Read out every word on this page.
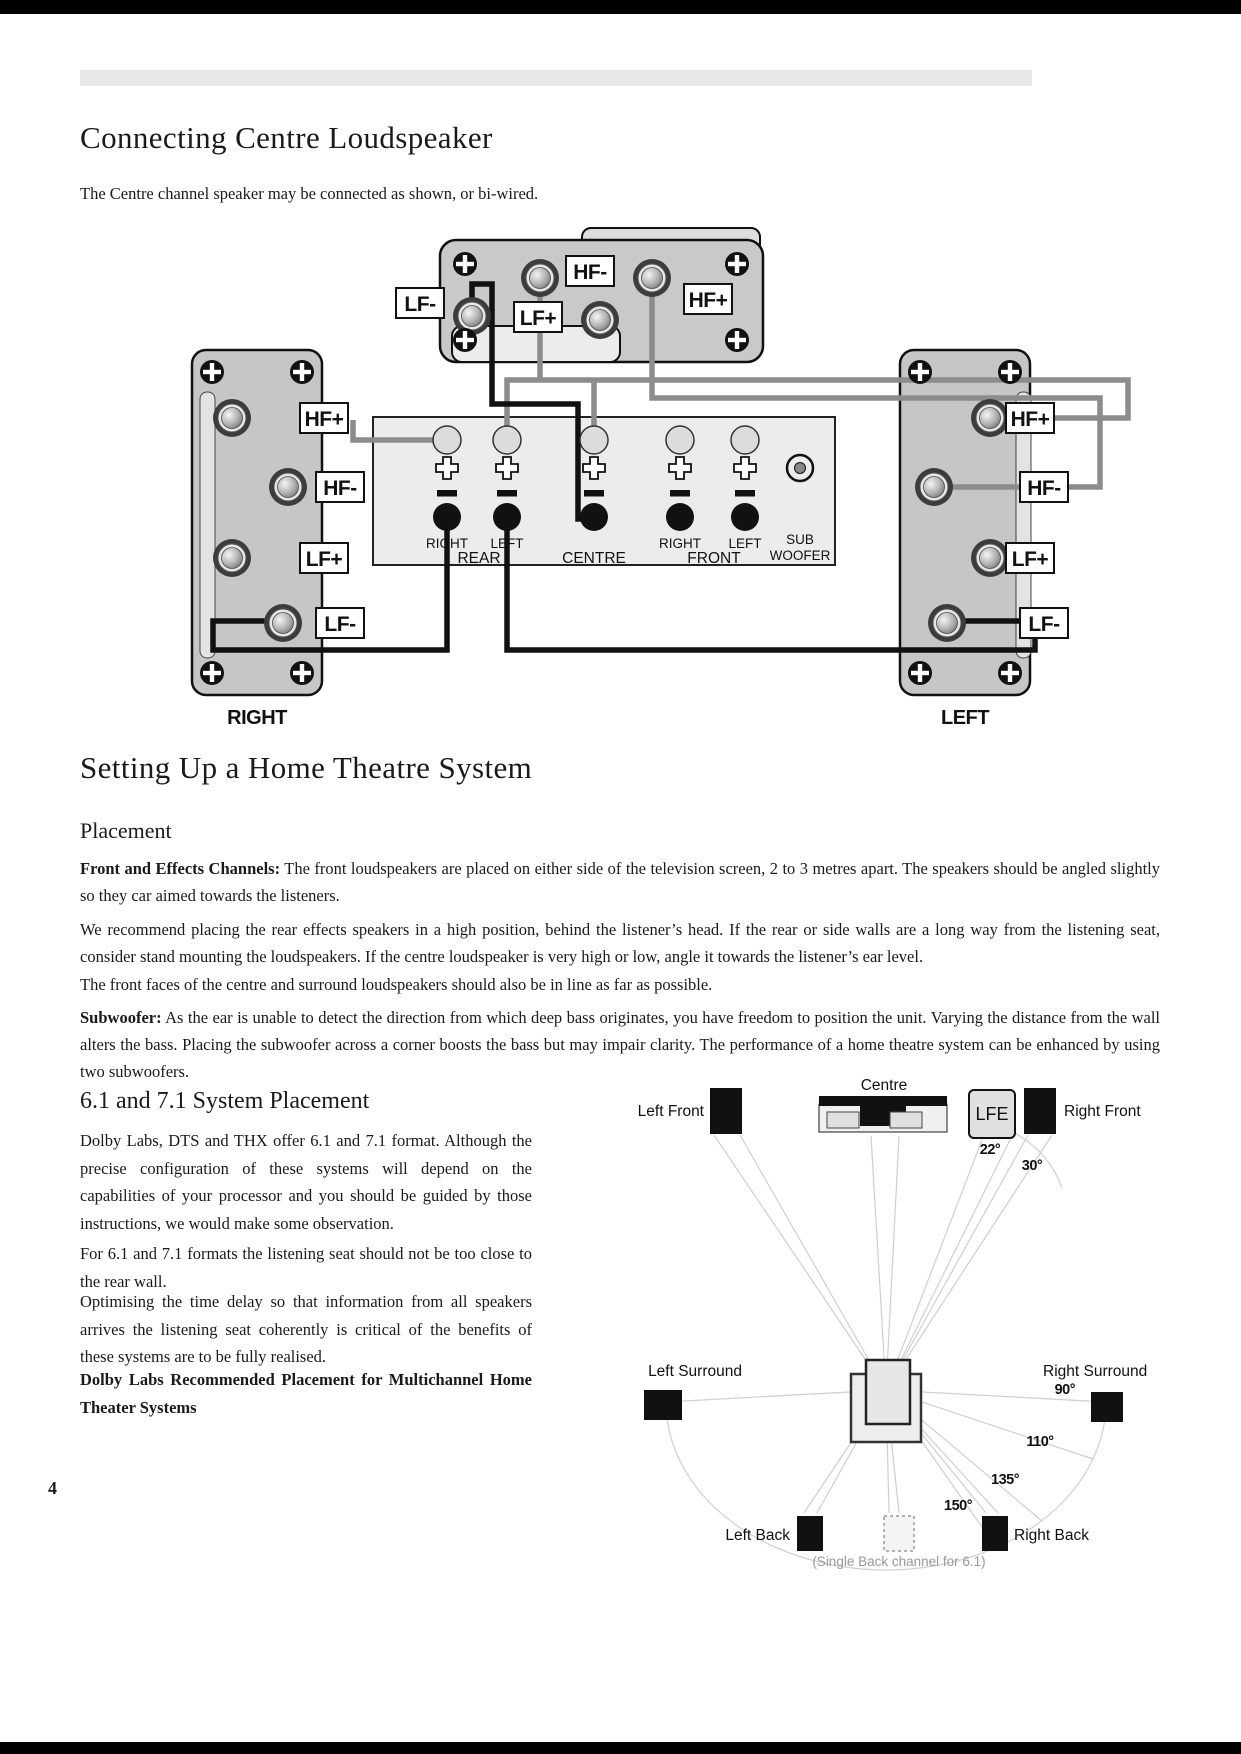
Connecting Centre Loudspeaker

The Centre channel speaker may be connected as shown, or bi-wired.

RIGHT LEFT
REAR	CENTRE
RIGHT LEFT
FRONT
SUB
WOOFER
LF-
LF+
HF-
HF+
HF+
HF-
LF+
LF-
HF+
HF-
LF+
LF-
RIGHT	LEFT
Setting Up a Home Theatre System
Placement

Front and Effects Channels: The front loudspeakers are placed on either side of the television screen, 2 to 3 metres apart. The speakers should be angled slightly so they car aimed towards the listeners.

We recommend placing the rear effects speakers in a high position, behind the listener’s head. If the rear or side walls are a long way from the listening seat, consider stand mounting the loudspeakers. If the centre loudspeaker is very high or low, angle it towards the listener’s ear level.

The front faces of the centre and surround loudspeakers should also be in line as far as possible.

Subwoofer: As the ear is unable to detect the direction from which deep bass originates, you have freedom to position the unit. Varying the distance from the wall alters the bass. Placing the subwoofer across a corner boosts the bass but may impair clarity. The performance of a home theatre system can be enhanced by using two subwoofers.

6.1 and 7.1 System Placement

Dolby Labs, DTS and THX offer 6.1 and 7.1 format. Although the precise configuration of these systems will depend on the capabilities of your processor and you should be guided by those instructions, we would make some observation.

For 6.1 and 7.1 formats the listening seat should not be too close to the rear wall.

Optimising the time delay so that information from all speakers arrives the listening seat coherently is critical of the benefits of these systems are to be fully realised.

Dolby Labs Recommended Placement for Multichannel Home Theater Systems

LFE
Left Front
Centre
Right Front
22°
30°
Left Surround	Right Surround
90°
110°
135°
150°
Left Back	Right Back
(Single Back channel for 6.1)
4
